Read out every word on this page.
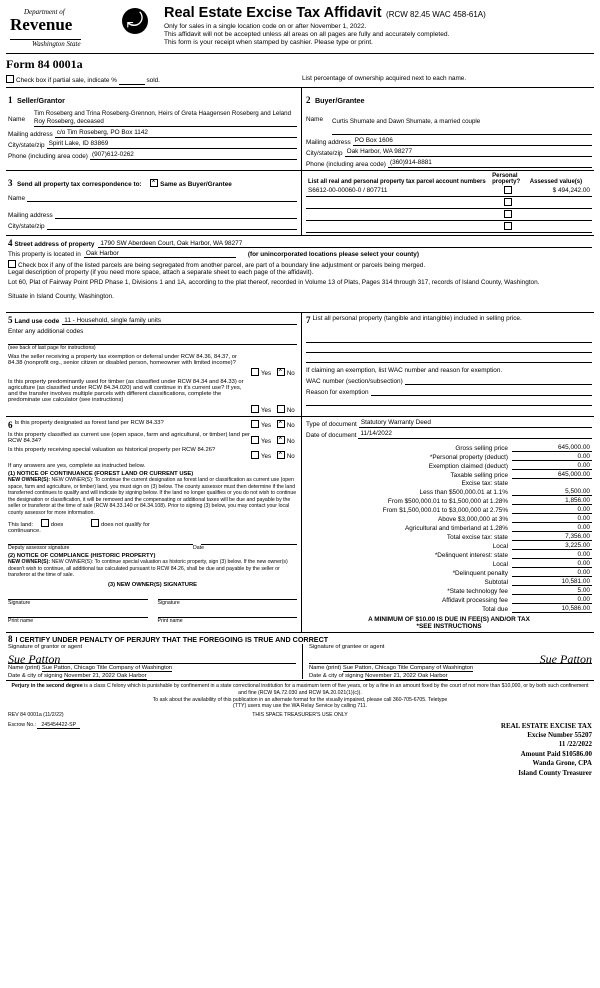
Department of
Revenue
Washington State
⤾	Real Estate Excise Tax Affidavit (RCW 82.45 WAC 458-61A)
Only for sales in a single location code on or after November 1, 2022.
This affidavit will not be accepted unless all areas on all pages are fully and accurately completed.
This form is your receipt when stamped by cashier. Please type or print.
Form 84 0001a
Check box if partial sale, indicate %	sold.	List percentage of ownership acquired next to each name.
1 Seller/Grantor
Name
Tim Roseberg and Trina Roseberg-Grennon, Heirs of Greta Haagensen Roseberg and Leland Roy Roseberg, deceased
Mailing address c/o Tim Roseberg, PO Box 1142
City/state/zip Spirit Lake, ID 83869
Phone (including area code) (907)612-0262
2 Buyer/Grantee
Name	Curtis Shumate and Dawn Shumate, a married couple
Mailing address PO Box 1606
City/state/zip Oak Harbor, WA 98277
Phone (including area code) (360)914-8881
3 Send all property tax correspondence to: ×	Same as Buyer/Grantee
Name
Mailing address
City/state/zip
List all real and personal property tax parcel account numbers	Personal property?	Assessed value(s)
S6612-00-00060-0 / 807711		$ 494,242.00

4 Street address of property 1790 SW Aberdeen Court, Oak Harbor, WA 98277
This property is located in Oak Harbor	(for unincorporated locations please select your county)
Check box if any of the listed parcels are being segregated from another parcel, are part of a boundary line adjustment or parcels being merged.
Legal description of property (if you need more space, attach a separate sheet to each page of the affidavit).
Lot 60, Plat of Fairway Point PRD Phase 1, Divisions 1 and 1A, according to the plat thereof, recorded in Volume 13 of Plats, Pages 314 through 317, records of Island County, Washington.
Situate in Island County, Washington.
5 Land use code 11 - Household, single family units
Enter any additional codes
(see back of last page for instructions)
Was the seller receiving a property tax exemption or deferral under RCW 84.36, 84.37, or 84.38 (nonprofit org., senior citizen or disabled person, homeowner with limited income)?
Yes ×	No
Is this property predominantly used for timber (as classified under RCW 84.34 and 84.33) or agriculture (as classified under RCW 84.34.020) and will continue in it's current use? If yes, and the transfer involves multiple parcels with different classifications, complete the predominate use calculator (see instructions)
Yes	No
7 List all personal property (tangible and intangible) included in selling price.
If claiming an exemption, list WAC number and reason for exemption.
WAC number (section/subsection)
Reason for exemption
6 Is this property designated as forest land per RCW 84.33?	Yes ×	No
Is this property classified as current use (open space, farm and agricultural, or timber) land per RCW 84.34?	Yes ×	No
Is this property receiving special valuation as historical property per RCW 84.26?
Yes ×	No
If any answers are yes, complete as instructed below.
(1) NOTICE OF CONTINUANCE (FOREST LAND OR CURRENT USE)
NEW OWNER(S): NEW OWNER(S): To continue the current designation as forest land or classification as current use (open space, farm and agriculture, or timber) land, you must sign on (3) below. The county assessor must then determine if the land transferred continues to qualify and will indicate by signing below. If the land no longer qualifies or you do not wish to continue the designation or classification, it will be removed and the compensating or additional taxes will be due and payable by the seller or transferor at the time of sale (RCW 84.33.140 or 84.34.108). Prior to signing (3) below, you may contact your local county assessor for more information.
This land:	does	does not qualify for
continuance.
Deputy assessor signature	Date
(2) NOTICE OF COMPLIANCE (HISTORIC PROPERTY)
NEW OWNER(S): NEW OWNER(S): To continue special valuation as historic property, sign (3) below. If the new owner(s) doesn't wish to continue, all additional tax calculated pursuant to RCW 84.26, shall be due and payable by the seller or transferor at the time of sale.
(3) NEW OWNER(S) SIGNATURE
Signature	Signature
Print name	Print name
Type of document Statutory Warranty Deed
Date of document 11/14/2022
Gross selling price	645,000.00
*Personal property (deduct)	0.00
Exemption claimed (deduct)	0.00
Taxable selling price	645,000.00
Excise tax: state
Less than $500,000.01 at 1.1%	5,500.00
From $500,000.01 to $1,500,000 at 1.28%	1,856.00
From $1,500,000.01 to $3,000,000 at 2.75%	0.00
Above $3,000,000 at 3%	0.00
Agricultural and timberland at 1.28%	0.00
Total excise tax: state	7,356.00
Local	3,225.00
*Delinquent interest: state	0.00
Local	0.00
*Delinquent penalty	0.00
Subtotal	10,581.00
*State technology fee	5.00
Affidavit processing fee	0.00
Total due	10,586.00
A MINIMUM OF $10.00 IS DUE IN FEE(S) AND/OR TAX
*SEE INSTRUCTIONS
8 I CERTIFY UNDER PENALTY OF PERJURY THAT THE FOREGOING IS TRUE AND CORRECT
Signature of grantor or agent
Sue Patton
Name (print) Sue Patton, Chicago Title Company of Washington
Date & city of signing November 21, 2022 Oak Harbor
Signature of grantee or agent
Sue Patton
Name (print) Sue Patton, Chicago Title Company of Washington
Date & city of signing November 21, 2022 Oak Harbor
Perjury in the second degree is a class C felony which is punishable by confinement in a state correctional institution for a maximum term of five years, or by a fine in an amount fixed by the court of not more than $10,000, or by both such confinement and fine (RCW 9A.72.030 and RCW 9A.20.021(1)(c)).
To ask about the availability of this publication in an alternate format for the visually impaired, please call 360-705-6705. Teletype
(TTY) users may use the WA Relay Service by calling 711.
REV 84 0001a (11/2/22)	THIS SPACE TREASURER'S USE ONLY
Escrow No.: 245454422-SP	REAL ESTATE EXCISE TAX
Excise Number 55207
11 /22/2022
Amount Paid $10586.00
Wanda Grone, CPA
Island County Treasurer
